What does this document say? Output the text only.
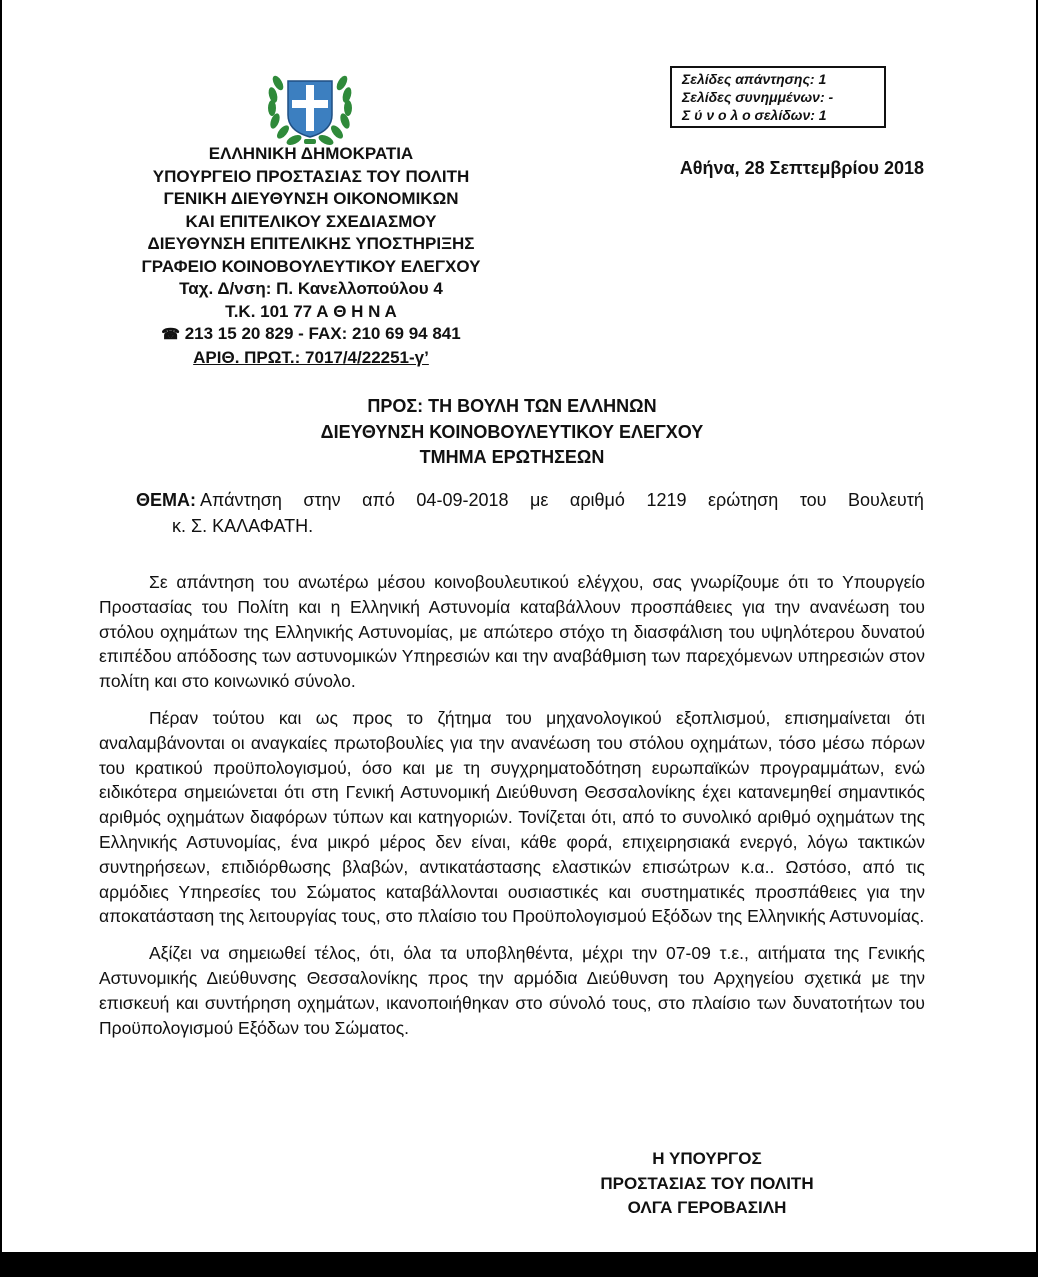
Σελίδες απάντησης: 1
Σελίδες συνημμένων: -
Σ ύ ν ο λ ο σελίδων: 1
ΕΛΛΗΝΙΚΗ ΔΗΜΟΚΡΑΤΙΑ
ΥΠΟΥΡΓΕΙΟ ΠΡΟΣΤΑΣΙΑΣ ΤΟΥ ΠΟΛΙΤΗ
ΓΕΝΙΚΗ ΔΙΕΥΘΥΝΣΗ ΟΙΚΟΝΟΜΙΚΩΝ
ΚΑΙ ΕΠΙΤΕΛΙΚΟΥ ΣΧΕΔΙΑΣΜΟΥ
ΔΙΕΥΘΥΝΣΗ ΕΠΙΤΕΛΙΚΗΣ ΥΠΟΣΤΗΡΙΞΗΣ
ΓΡΑΦΕΙΟ ΚΟΙΝΟΒΟΥΛΕΥΤΙΚΟΥ ΕΛΕΓΧΟΥ
Ταχ. Δ/νση: Π. Κανελλοπούλου 4
Τ.Κ. 101 77 Α Θ Η Ν Α
☎ 213 15 20 829 - FAX: 210 69 94 841
ΑΡΙΘ. ΠΡΩΤ.: 7017/4/22251-γ’
Αθήνα, 28 Σεπτεμβρίου 2018
ΠΡΟΣ: ΤΗ ΒΟΥΛΗ ΤΩΝ ΕΛΛΗΝΩΝ
ΔΙΕΥΘΥΝΣΗ ΚΟΙΝΟΒΟΥΛΕΥΤΙΚΟΥ ΕΛΕΓΧΟΥ
ΤΜΗΜΑ ΕΡΩΤΗΣΕΩΝ
ΘΕΜΑ: Απάντηση στην από 04-09-2018 με αριθμό 1219 ερώτηση του Βουλευτή
κ. Σ. ΚΑΛΑΦΑΤΗ.

Σε απάντηση του ανωτέρω μέσου κοινοβουλευτικού ελέγχου, σας γνωρίζουμε ότι το Υπουργείο Προστασίας του Πολίτη και η Ελληνική Αστυνομία καταβάλλουν προσπάθειες για την ανανέωση του στόλου οχημάτων της Ελληνικής Αστυνομίας, με απώτερο στόχο τη διασφάλιση του υψηλότερου δυνατού επιπέδου απόδοσης των αστυνομικών Υπηρεσιών και την αναβάθμιση των παρεχόμενων υπηρεσιών στον πολίτη και στο κοινωνικό σύνολο.

Πέραν τούτου και ως προς το ζήτημα του μηχανολογικού εξοπλισμού, επισημαίνεται ότι αναλαμβάνονται οι αναγκαίες πρωτοβουλίες για την ανανέωση του στόλου οχημάτων, τόσο μέσω πόρων του κρατικού προϋπολογισμού, όσο και με τη συγχρηματοδότηση ευρωπαϊκών προγραμμάτων, ενώ ειδικότερα σημειώνεται ότι στη Γενική Αστυνομική Διεύθυνση Θεσσαλονίκης έχει κατανεμηθεί σημαντικός αριθμός οχημάτων διαφόρων τύπων και κατηγοριών. Τονίζεται ότι, από το συνολικό αριθμό οχημάτων της Ελληνικής Αστυνομίας, ένα μικρό μέρος δεν είναι, κάθε φορά, επιχειρησιακά ενεργό, λόγω τακτικών συντηρήσεων, επιδιόρθωσης βλαβών, αντικατάστασης ελαστικών επισώτρων κ.α.. Ωστόσο, από τις αρμόδιες Υπηρεσίες του Σώματος καταβάλλονται ουσιαστικές και συστηματικές προσπάθειες για την αποκατάσταση της λειτουργίας τους, στο πλαίσιο του Προϋπολογισμού Εξόδων της Ελληνικής Αστυνομίας.

Αξίζει να σημειωθεί τέλος, ότι, όλα τα υποβληθέντα, μέχρι την 07-09 τ.ε., αιτήματα της Γενικής Αστυνομικής Διεύθυνσης Θεσσαλονίκης προς την αρμόδια Διεύθυνση του Αρχηγείου σχετικά με την επισκευή και συντήρηση οχημάτων, ικανοποιήθηκαν στο σύνολό τους, στο πλαίσιο των δυνατοτήτων του Προϋπολογισμού Εξόδων του Σώματος.

Η ΥΠΟΥΡΓΟΣ
ΠΡΟΣΤΑΣΙΑΣ ΤΟΥ ΠΟΛΙΤΗ
ΟΛΓΑ ΓΕΡΟΒΑΣΙΛΗ
